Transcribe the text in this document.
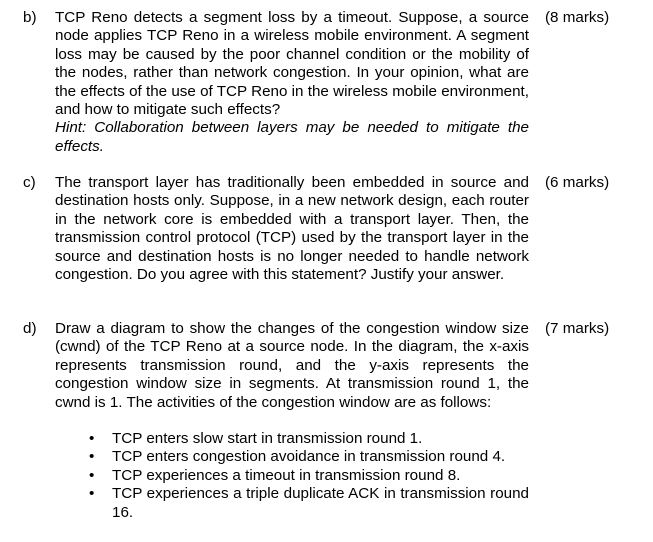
b) TCP Reno detects a segment loss by a timeout. Suppose, a source node applies TCP Reno in a wireless mobile environment. A segment loss may be caused by the poor channel condition or the mobility of the nodes, rather than network congestion. In your opinion, what are the effects of the use of TCP Reno in the wireless mobile environment, and how to mitigate such effects?
Hint: Collaboration between layers may be needed to mitigate the effects.
(8 marks)
c) The transport layer has traditionally been embedded in source and destination hosts only. Suppose, in a new network design, each router in the network core is embedded with a transport layer. Then, the transmission control protocol (TCP) used by the transport layer in the source and destination hosts is no longer needed to handle network congestion. Do you agree with this statement? Justify your answer.
(6 marks)
d) Draw a diagram to show the changes of the congestion window size (cwnd) of the TCP Reno at a source node. In the diagram, the x-axis represents transmission round, and the y-axis represents the congestion window size in segments. At transmission round 1, the cwnd is 1. The activities of the congestion window are as follows:
(7 marks)
• TCP enters slow start in transmission round 1.
• TCP enters congestion avoidance in transmission round 4.
• TCP experiences a timeout in transmission round 8.
• TCP experiences a triple duplicate ACK in transmission round 16.
